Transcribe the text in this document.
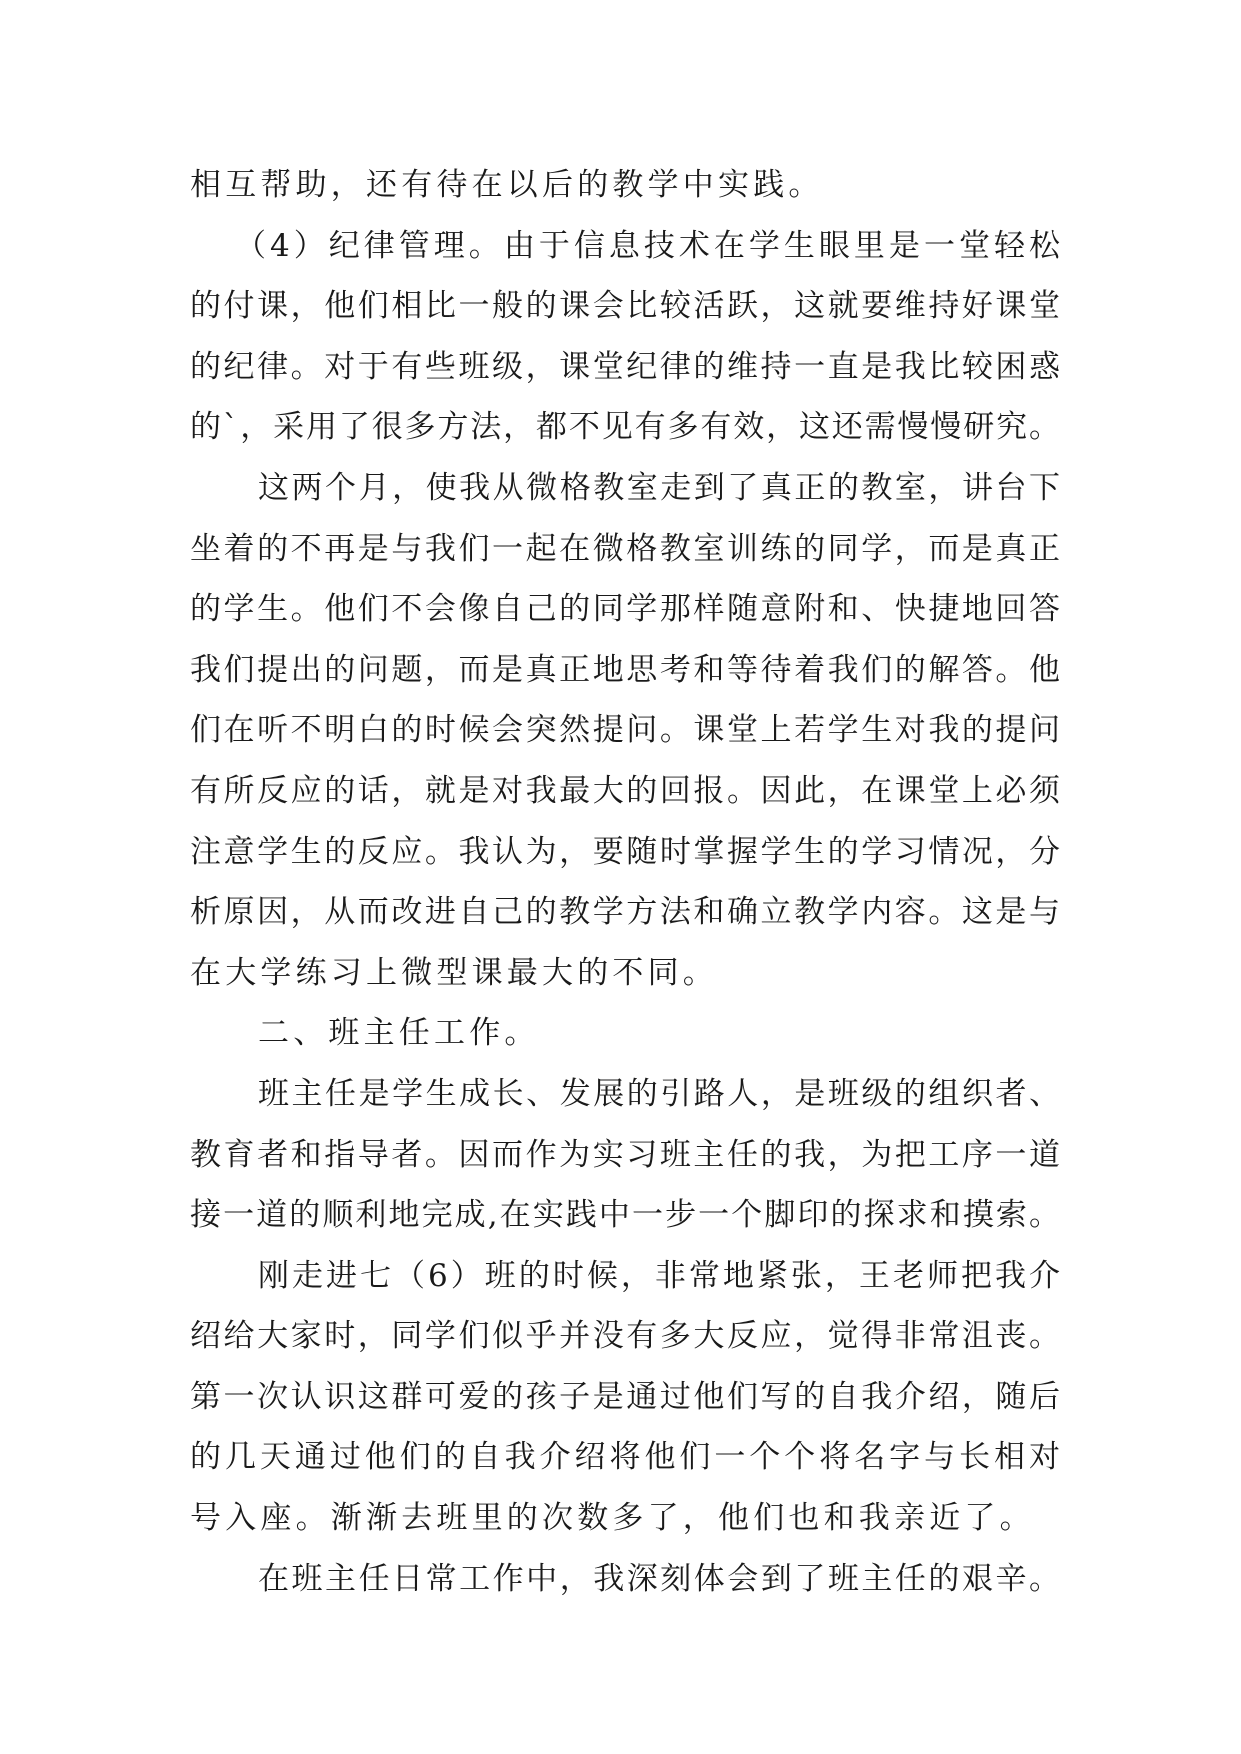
相互帮助，还有待在以后的教学中实践。
（4）纪律管理。由于信息技术在学生眼里是一堂轻松
的付课，他们相比一般的课会比较活跃，这就要维持好课堂
的纪律。对于有些班级，课堂纪律的维持一直是我比较困惑
的`，采用了很多方法，都不见有多有效，这还需慢慢研究。
这两个月，使我从微格教室走到了真正的教室，讲台下
坐着的不再是与我们一起在微格教室训练的同学，而是真正
的学生。他们不会像自己的同学那样随意附和、快捷地回答
我们提出的问题，而是真正地思考和等待着我们的解答。他
们在听不明白的时候会突然提问。课堂上若学生对我的提问
有所反应的话，就是对我最大的回报。因此，在课堂上必须
注意学生的反应。我认为，要随时掌握学生的学习情况，分
析原因，从而改进自己的教学方法和确立教学内容。这是与
在大学练习上微型课最大的不同。
二、班主任工作。
班主任是学生成长、发展的引路人，是班级的组织者、
教育者和指导者。因而作为实习班主任的我，为把工序一道
接一道的顺利地完成,在实践中一步一个脚印的探求和摸索。
刚走进七（6）班的时候，非常地紧张，王老师把我介
绍给大家时，同学们似乎并没有多大反应，觉得非常沮丧。
第一次认识这群可爱的孩子是通过他们写的自我介绍，随后
的几天通过他们的自我介绍将他们一个个将名字与长相对
号入座。渐渐去班里的次数多了，他们也和我亲近了。
在班主任日常工作中，我深刻体会到了班主任的艰辛。
